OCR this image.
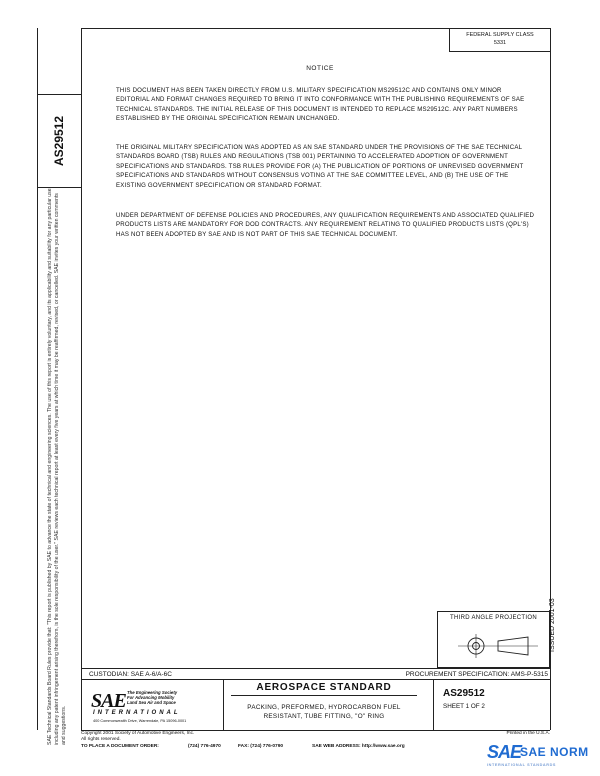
FEDERAL SUPPLY CLASS
5331
AS29512
SAE Technical Standards Board Rules provide that: "This report is published by SAE to advance the state of technical and engineering sciences. The use of this report is entirely voluntary, and its applicability and suitability for any particular use, including any patent infringement arising therefrom, is the sole responsibility of the user." SAE reviews each technical report at least every five years at which time it may be reaffirmed, revised, or cancelled. SAE invites your written comments and suggestions.
NOTICE

THIS DOCUMENT HAS BEEN TAKEN DIRECTLY FROM U.S. MILITARY SPECIFICATION MS29512C AND CONTAINS ONLY MINOR EDITORIAL AND FORMAT CHANGES REQUIRED TO BRING IT INTO CONFORMANCE WITH THE PUBLISHING REQUIREMENTS OF SAE TECHNICAL STANDARDS. THE INITIAL RELEASE OF THIS DOCUMENT IS INTENDED TO REPLACE MS29512C. ANY PART NUMBERS ESTABLISHED BY THE ORIGINAL SPECIFICATION REMAIN UNCHANGED.

THE ORIGINAL MILITARY SPECIFICATION WAS ADOPTED AS AN SAE STANDARD UNDER THE PROVISIONS OF THE SAE TECHNICAL STANDARDS BOARD (TSB) RULES AND REGULATIONS (TSB 001) PERTAINING TO ACCELERATED ADOPTION OF GOVERNMENT SPECIFICATIONS AND STANDARDS. TSB RULES PROVIDE FOR (A) THE PUBLICATION OF PORTIONS OF UNREVISED GOVERNMENT SPECIFICATIONS AND STANDARDS WITHOUT CONSENSUS VOTING AT THE SAE COMMITTEE LEVEL, AND (B) THE USE OF THE EXISTING GOVERNMENT SPECIFICATION OR STANDARD FORMAT.

UNDER DEPARTMENT OF DEFENSE POLICIES AND PROCEDURES, ANY QUALIFICATION REQUIREMENTS AND ASSOCIATED QUALIFIED PRODUCTS LISTS ARE MANDATORY FOR DOD CONTRACTS. ANY REQUIREMENT RELATING TO QUALIFIED PRODUCTS LISTS (QPL'S) HAS NOT BEEN ADOPTED BY SAE AND IS NOT PART OF THIS SAE TECHNICAL DOCUMENT.

ISSUED 2001-03
THIRD ANGLE PROJECTION
CUSTODIAN: SAE A-6/A-6C	PROCUREMENT SPECIFICATION: AMS-P-5315
SAE The Engineering Society
For Advancing Mobility
Land Sea Air and Space
INTERNATIONAL
400 Commonwealth Drive, Warrendale, PA 15096-0001
AEROSPACE STANDARD
PACKING, PREFORMED, HYDROCARBON FUEL
RESISTANT, TUBE FITTING, "O" RING
AS29512
SHEET 1 OF 2
Copyright 2001 Society of Automotive Engineers, Inc.
All rights reserved.
Printed in the U.S.A.
TO PLACE A DOCUMENT ORDER:	(724) 776-4970	FAX: (724) 776-0790	SAE WEB ADDRESS: http://www.sae.org	SAE
SAE NORM
INTERNATIONAL STANDARDS
